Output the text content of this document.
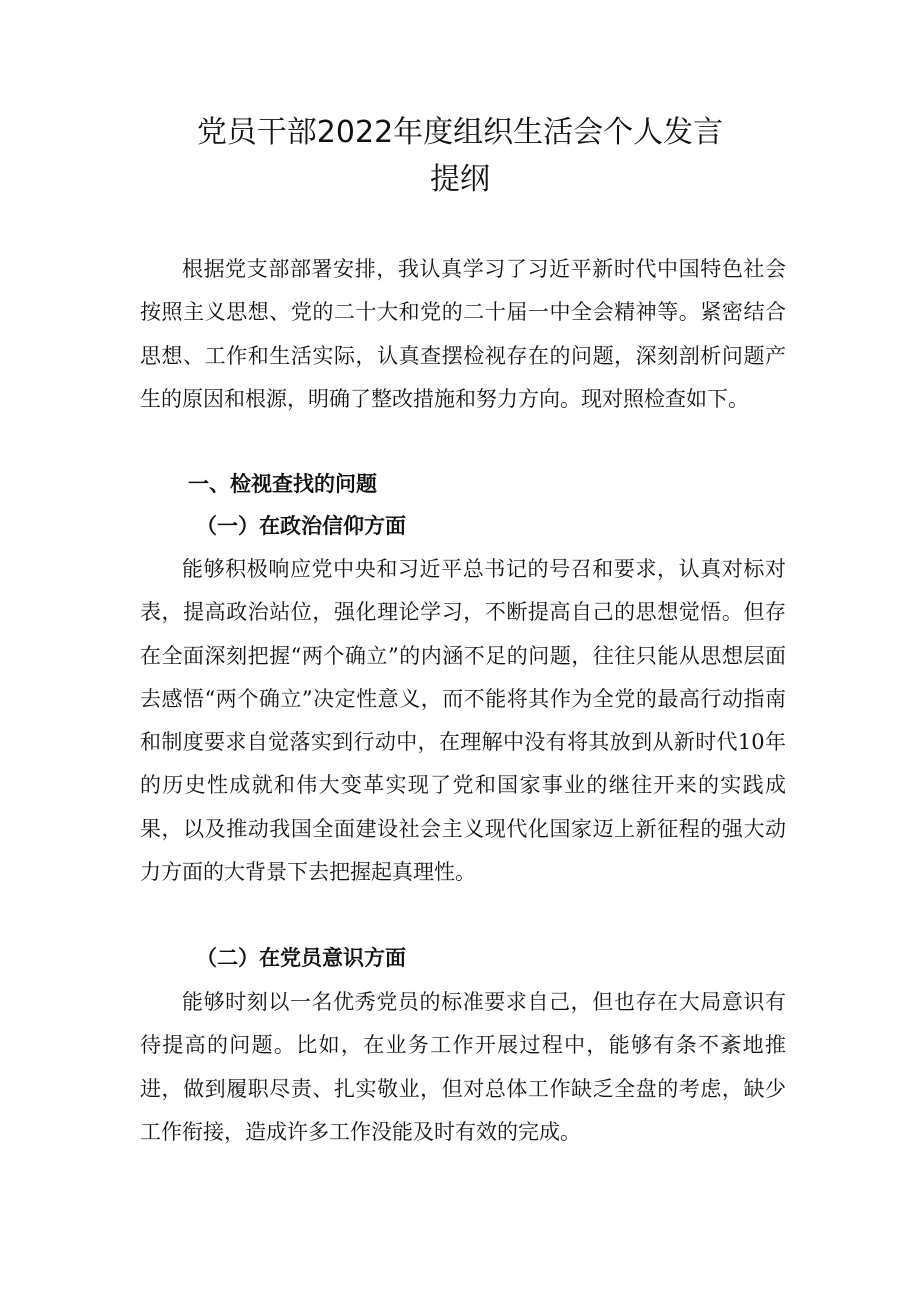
党员干部2022年度组织生活会个人发言
提纲

根据党支部部署安排，我认真学习了习近平新时代中国特色社会按照主义思想、党的二十大和党的二十届一中全会精神等。紧密结合思想、工作和生活实际，认真查摆检视存在的问题，深刻剖析问题产生的原因和根源，明确了整改措施和努力方向。现对照检查如下。

一、检视查找的问题
（一）在政治信仰方面

能够积极响应党中央和习近平总书记的号召和要求，认真对标对表，提高政治站位，强化理论学习，不断提高自己的思想觉悟。但存在全面深刻把握“两个确立”的内涵不足的问题，往往只能从思想层面去感悟“两个确立”决定性意义，而不能将其作为全党的最高行动指南和制度要求自觉落实到行动中，在理解中没有将其放到从新时代10年的历史性成就和伟大变革实现了党和国家事业的继往开来的实践成果，以及推动我国全面建设社会主义现代化国家迈上新征程的强大动力方面的大背景下去把握起真理性。

（二）在党员意识方面

能够时刻以一名优秀党员的标准要求自己，但也存在大局意识有待提高的问题。比如，在业务工作开展过程中，能够有条不紊地推进，做到履职尽责、扎实敬业，但对总体工作缺乏全盘的考虑，缺少工作衔接，造成许多工作没能及时有效的完成。
